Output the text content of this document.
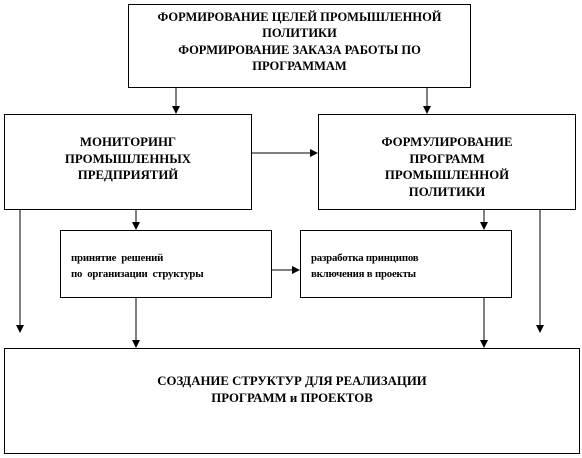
ФОРМИРОВАНИЕ ЦЕЛЕЙ ПРОМЫШЛЕННОЙ
ПОЛИТИКИ
ФОРМИРОВАНИЕ ЗАКАЗА РАБОТЫ ПО
ПРОГРАММАМ
МОНИТОРИНГ
ПРОМЫШЛЕННЫХ
ПРЕДПРИЯТИЙ
ФОРМУЛИРОВАНИЕ
ПРОГРАММ
ПРОМЫШЛЕННОЙ
ПОЛИТИКИ
принятие  решений
по  организации  структуры
разработка принципов
включения в проекты
СОЗДАНИЕ СТРУКТУР ДЛЯ РЕАЛИЗАЦИИ
ПРОГРАММ и ПРОЕКТОВ
